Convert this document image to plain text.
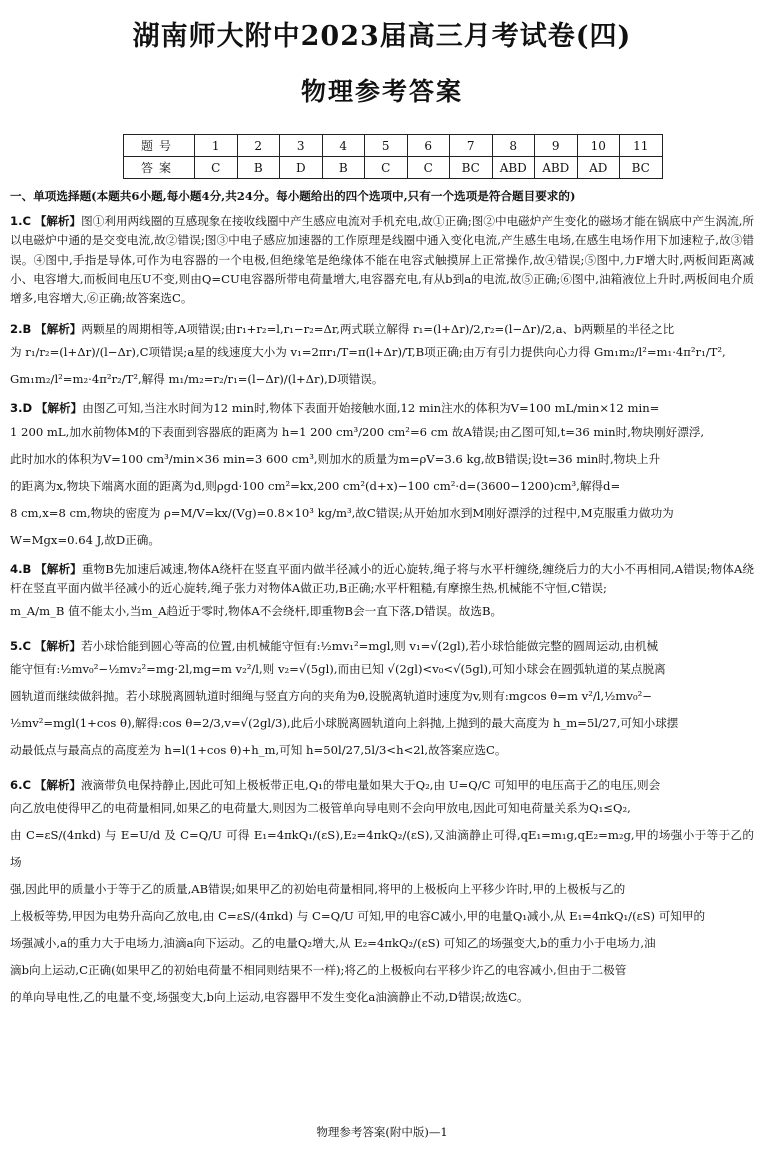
湖南师大附中2023届高三月考试卷(四)
物理参考答案
题号	1	2	3	4	5	6	7	8	9	10	11
答案	C	B	D	B	C	C	BC	ABD	ABD	AD	BC

一、单项选择题(本题共6小题,每小题4分,共24分。每小题给出的四个选项中,只有一个选项是符合题目要求的)

1.C 【解析】图①利用两线圈的互感现象在接收线圈中产生感应电流对手机充电,故①正确;图②中电磁炉产生变化的磁场才能在锅底中产生涡流,所以电磁炉中通的是交变电流,故②错误;图③中电子感应加速器的工作原理是线圈中通入变化电流,产生感生电场,在感生电场作用下加速粒子,故③错误。④图中,手指是导体,可作为电容器的一个电极,但绝缘笔是绝缘体不能在电容式触摸屏上正常操作,故④错误;⑤图中,力F增大时,两板间距离减小、电容增大,而板间电压U不变,则由Q=CU电容器所带电荷量增大,电容器充电,有从b到a的电流,故⑤正确;⑥图中,油箱液位上升时,两板间电介质增多,电容增大,⑥正确;故答案选C。

2.B 【解析】两颗星的周期相等,A项错误;由r₁+r₂=l,r₁−r₂=Δr,两式联立解得 r₁=(l+Δr)/2,r₂=(l−Δr)/2,a、b两颗星的半径之比

为 r₁/r₂=(l+Δr)/(l−Δr),C项错误;a星的线速度大小为 v₁=2πr₁/T=π(l+Δr)/T,B项正确;由万有引力提供向心力得 Gm₁m₂/l²=m₁·4π²r₁/T²,

Gm₁m₂/l²=m₂·4π²r₂/T²,解得 m₁/m₂=r₂/r₁=(l−Δr)/(l+Δr),D项错误。

3.D 【解析】由图乙可知,当注水时间为12 min时,物体下表面开始接触水面,12 min注水的体积为V=100 mL/min×12 min=

1 200 mL,加水前物体M的下表面到容器底的距离为 h=1 200 cm³/200 cm²=6 cm 故A错误;由乙图可知,t=36 min时,物块刚好漂浮,

此时加水的体积为V=100 cm³/min×36 min=3 600 cm³,则加水的质量为m=ρV=3.6 kg,故B错误;设t=36 min时,物块上升

的距离为x,物块下端离水面的距离为d,则ρgd·100 cm²=kx,200 cm²(d+x)−100 cm²·d=(3600−1200)cm³,解得d=

8 cm,x=8 cm,物块的密度为 ρ=M/V=kx/(Vg)=0.8×10³ kg/m³,故C错误;从开始加水到M刚好漂浮的过程中,M克服重力做功为

W=Mgx=0.64 J,故D正确。

4.B 【解析】重物B先加速后减速,物体A绕杆在竖直平面内做半径减小的近心旋转,绳子将与水平杆缠绕,缠绕后力的大小不再相同,A错误;物体A绕杆在竖直平面内做半径减小的近心旋转,绳子张力对物体A做正功,B正确;水平杆粗糙,有摩擦生热,机械能不守恒,C错误;

m_A/m_B 值不能太小,当m_A趋近于零时,物体A不会绕杆,即重物B会一直下落,D错误。故选B。

5.C 【解析】若小球恰能到圆心等高的位置,由机械能守恒有:½mv₁²=mgl,则 v₁=√(2gl),若小球恰能做完整的圆周运动,由机械

能守恒有:½mv₀²−½mv₂²=mg·2l,mg=m v₂²/l,则 v₂=√(5gl),而由已知 √(2gl)<v₀<√(5gl),可知小球会在圆弧轨道的某点脱离

圆轨道而继续做斜抛。若小球脱离圆轨道时细绳与竖直方向的夹角为θ,设脱离轨道时速度为v,则有:mgcos θ=m v²/l,½mv₀²−

½mv²=mgl(1+cos θ),解得:cos θ=2/3,v=√(2gl/3),此后小球脱离圆轨道向上斜抛,上抛到的最大高度为 h_m=5l/27,可知小球摆

动最低点与最高点的高度差为 h=l(1+cos θ)+h_m,可知 h=50l/27,5l/3<h<2l,故答案应选C。

6.C 【解析】液滴带负电保持静止,因此可知上极板带正电,Q₁的带电量如果大于Q₂,由 U=Q/C 可知甲的电压高于乙的电压,则会

向乙放电使得甲乙的电荷量相同,如果乙的电荷量大,则因为二极管单向导电则不会向甲放电,因此可知电荷量关系为Q₁≤Q₂,

由 C=εS/(4πkd) 与 E=U/d 及 C=Q/U 可得 E₁=4πkQ₁/(εS),E₂=4πkQ₂/(εS),又油滴静止可得,qE₁=m₁g,qE₂=m₂g,甲的场强小于等于乙的场

强,因此甲的质量小于等于乙的质量,AB错误;如果甲乙的初始电荷量相同,将甲的上极板向上平移少许时,甲的上极板与乙的

上极板等势,甲因为电势升高向乙放电,由 C=εS/(4πkd) 与 C=Q/U 可知,甲的电容C减小,甲的电量Q₁减小,从 E₁=4πkQ₁/(εS) 可知甲的

场强减小,a的重力大于电场力,油滴a向下运动。乙的电量Q₂增大,从 E₂=4πkQ₂/(εS) 可知乙的场强变大,b的重力小于电场力,油

滴b向上运动,C正确(如果甲乙的初始电荷量不相同则结果不一样);将乙的上极板向右平移少许乙的电容减小,但由于二极管

的单向导电性,乙的电量不变,场强变大,b向上运动,电容器甲不发生变化a油滴静止不动,D错误;故选C。

物理参考答案(附中版)—1
